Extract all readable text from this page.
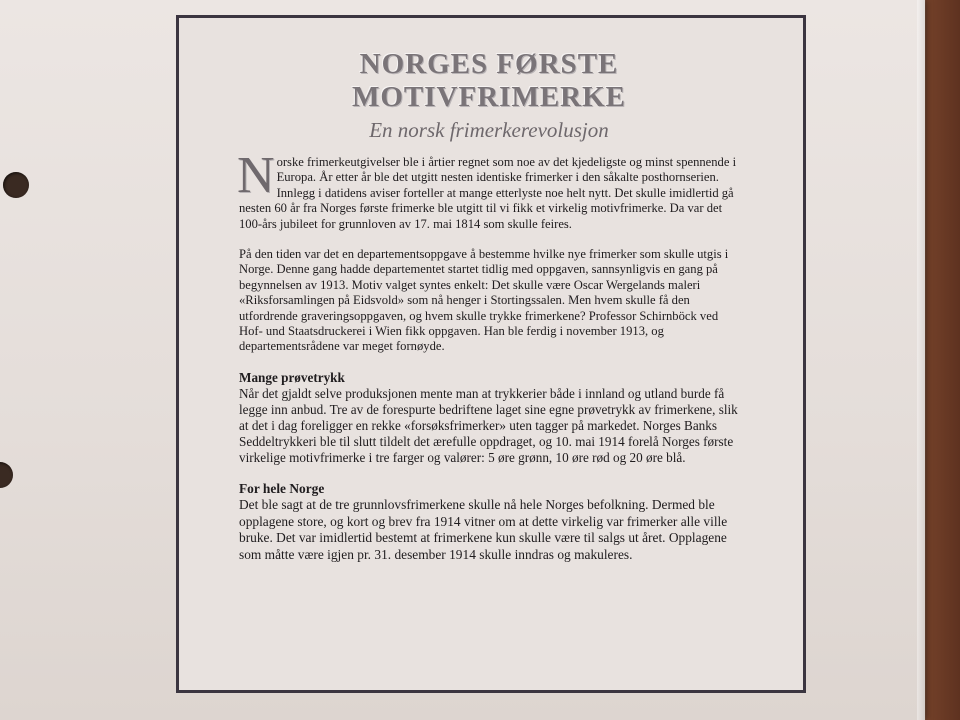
NORGES FØRSTE
MOTIVFRIMERKE
En norsk frimerkerevolusjon

Norske frimerkeutgivelser ble i årtier regnet som noe av det kjedeligste og minst spennende i Europa. År etter år ble det utgitt nesten identiske frimerker i den såkalte posthornserien. Innlegg i datidens aviser forteller at mange etterlyste noe helt nytt. Det skulle imidlertid gå nesten 60 år fra Norges første frimerke ble utgitt til vi fikk et virkelig motivfrimerke. Da var det 100-års jubileet for grunnloven av 17. mai 1814 som skulle feires.

På den tiden var det en departementsoppgave å bestemme hvilke nye frimerker som skulle utgis i Norge. Denne gang hadde departementet startet tidlig med oppgaven, sannsynligvis en gang på begynnelsen av 1913. Motiv valget syntes enkelt: Det skulle være Oscar Wergelands maleri «Riksforsamlingen på Eidsvold» som nå henger i Stortingssalen. Men hvem skulle få den utfordrende graveringsoppgaven, og hvem skulle trykke frimerkene? Professor Schirnböck ved Hof- und Staatsdruckerei i Wien fikk oppgaven. Han ble ferdig i november 1913, og departementsrådene var meget fornøyde.

Mange prøvetrykk

Når det gjaldt selve produksjonen mente man at trykkerier både i innland og utland burde få legge inn anbud. Tre av de forespurte bedriftene laget sine egne prøvetrykk av frimerkene, slik at det i dag foreligger en rekke «forsøksfrimerker» uten tagger på markedet. Norges Banks Seddeltrykkeri ble til slutt tildelt det ærefulle oppdraget, og 10. mai 1914 forelå Norges første virkelige motivfrimerke i tre farger og valører: 5 øre grønn, 10 øre rød og 20 øre blå.

For hele Norge

Det ble sagt at de tre grunnlovsfrimerkene skulle nå hele Norges befolkning. Dermed ble opplagene store, og kort og brev fra 1914 vitner om at dette virkelig var frimerker alle ville bruke. Det var imidlertid bestemt at frimerkene kun skulle være til salgs ut året. Opplagene som måtte være igjen pr. 31. desember 1914 skulle inndras og makuleres.
